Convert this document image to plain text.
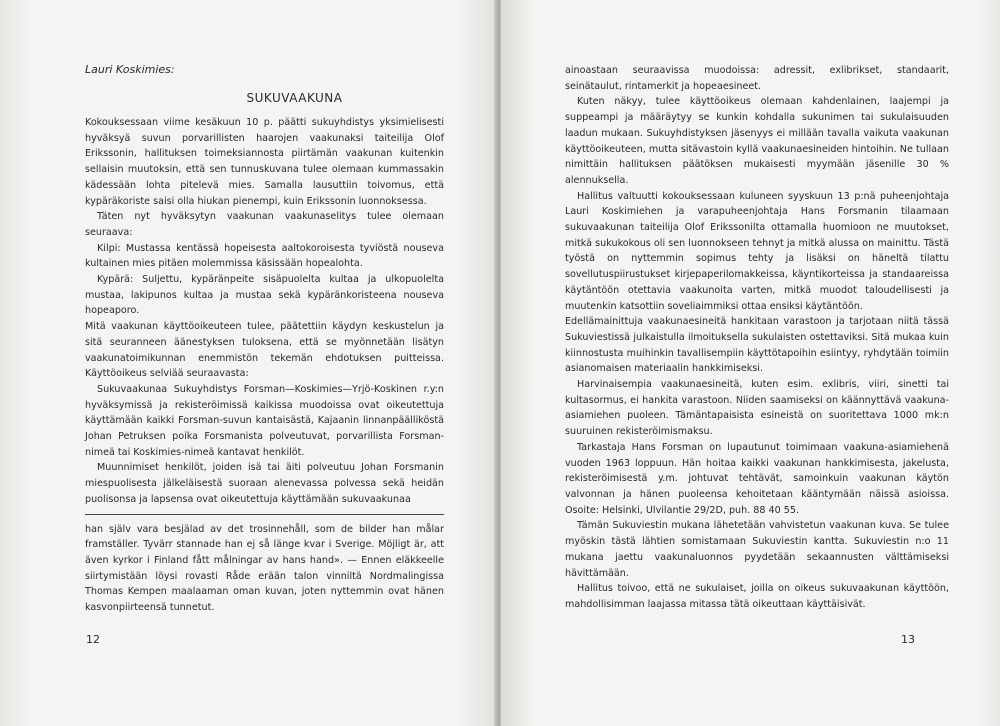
Lauri Koskimies:
SUKUVAAKUNA

Kokouksessaan viime kesäkuun 10 p. päätti sukuyhdistys yksimielisesti hyväksyä suvun porvarillisten haarojen vaakunaksi taiteilija Olof Erikssonin, hallituksen toimeksiannosta piirtämän vaakunan kuitenkin sellaisin muutoksin, että sen tunnuskuvana tulee olemaan kummassakin kädessään lohta pitelevä mies. Samalla lausuttiin toivomus, että kypäräkoriste saisi olla hiukan pienempi, kuin Erikssonin luonnoksessa.

Täten nyt hyväksytyn vaakunan vaakunaselitys tulee olemaan seuraava:

Kilpi: Mustassa kentässä hopeisesta aaltokoroisesta tyviöstä nouseva kultainen mies pitäen molemmissa käsissään hopealohta.

Kypärä: Suljettu, kypäränpeite sisäpuolelta kultaa ja ulkopuolelta mustaa, lakipunos kultaa ja mustaa sekä kypäränkoristeena nouseva hopeaporo.

Mitä vaakunan käyttöoikeuteen tulee, päätettiin käydyn keskustelun ja sitä seuranneen äänestyksen tuloksena, että se myönnetään lisätyn vaakunatoimikunnan enemmistön tekemän ehdotuksen puitteissa. Käyttöoikeus selviää seuraavasta:

Sukuvaakunaa Sukuyhdistys Forsman—Koskimies—Yrjö-Koskinen r.y:n hyväksymissä ja rekisteröimissä kaikissa muodoissa ovat oikeutettuja käyttämään kaikki Forsman-suvun kantaisästä, Kajaanin linnanpäälliköstä Johan Petruksen poika Forsmanista polveutuvat, porvarillista Forsman-nimeä tai Koskimies-nimeä kantavat henkilöt.

Muunnimiset henkilöt, joiden isä tai äiti polveutuu Johan Forsmanin miespuolisesta jälkeläisestä suoraan alenevassa polvessa sekä heidän puolisonsa ja lapsensa ovat oikeutettuja käyttämään sukuvaakunaa

han själv vara besjälad av det trosinnehåll, som de bilder han målar framställer. Tyvärr stannade han ej så länge kvar i Sverige. Möjligt är, att även kyrkor i Finland fått målningar av hans hand». — Ennen eläkkeelle siirtymistään löysi rovasti Råde erään talon vinniltä Nordmalingissa Thomas Kempen maalaaman oman kuvan, joten nyttemmin ovat hänen kasvonpiirteensä tunnetut.

12

ainoastaan seuraavissa muodoissa: adressit, exlibrikset, standaarit, seinätaulut, rintamerkit ja hopeaesineet.

Kuten näkyy, tulee käyttöoikeus olemaan kahdenlainen, laajempi ja suppeampi ja määräytyy se kunkin kohdalla sukunimen tai sukulaisuuden laadun mukaan. Sukuyhdistyksen jäsenyys ei millään tavalla vaikuta vaakunan käyttöoikeuteen, mutta sitävastoin kyllä vaakunaesineiden hintoihin. Ne tullaan nimittäin hallituksen päätöksen mukaisesti myymään jäsenille 30 % alennuksella.

Hallitus valtuutti kokouksessaan kuluneen syyskuun 13 p:nä puheenjohtaja Lauri Koskimiehen ja varapuheenjohtaja Hans Forsmanin tilaamaan sukuvaakunan taiteilija Olof Erikssonilta ottamalla huomioon ne muutokset, mitkä sukukokous oli sen luonnokseen tehnyt ja mitkä alussa on mainittu. Tästä työstä on nyttemmin sopimus tehty ja lisäksi on häneltä tilattu sovellutuspiirustukset kirjepaperilomakkeissa, käyntikorteissa ja standaareissa käytäntöön otettavia vaakunoita varten, mitkä muodot taloudellisesti ja muutenkin katsottiin soveliaimmiksi ottaa ensiksi käytäntöön.

Edellämainittuja vaakunaesineitä hankitaan varastoon ja tarjotaan niitä tässä Sukuviestissä julkaistulla ilmoituksella sukulaisten ostettaviksi. Sitä mukaa kuin kiinnostusta muihinkin tavallisempiin käyttötapoihin esiintyy, ryhdytään toimiin asianomaisen materiaalin hankkimiseksi.

Harvinaisempia vaakunaesineitä, kuten esim. exlibris, viiri, sinetti tai kultasormus, ei hankita varastoon. Niiden saamiseksi on käännyttävä vaakuna-asiamiehen puoleen. Tämäntapaisista esineistä on suoritettava 1000 mk:n suuruinen rekisteröimismaksu.

Tarkastaja Hans Forsman on lupautunut toimimaan vaakuna-asiamiehenä vuoden 1963 loppuun. Hän hoitaa kaikki vaakunan hankkimisesta, jakelusta, rekisteröimisestä y.m. johtuvat tehtävät, samoinkuin vaakunan käytön valvonnan ja hänen puoleensa kehoitetaan kääntymään näissä asioissa. Osoite: Helsinki, Ulvilantie 29/2D, puh. 88 40 55.

Tämän Sukuviestin mukana lähetetään vahvistetun vaakunan kuva. Se tulee myöskin tästä lähtien somistamaan Sukuviestin kantta. Sukuviestin n:o 11 mukana jaettu vaakunaluonnos pyydetään sekaannusten välttämiseksi hävittämään.

Hallitus toivoo, että ne sukulaiset, joilla on oikeus sukuvaakunan käyttöön, mahdollisimman laajassa mitassa tätä oikeuttaan käyttäisivät.

13
